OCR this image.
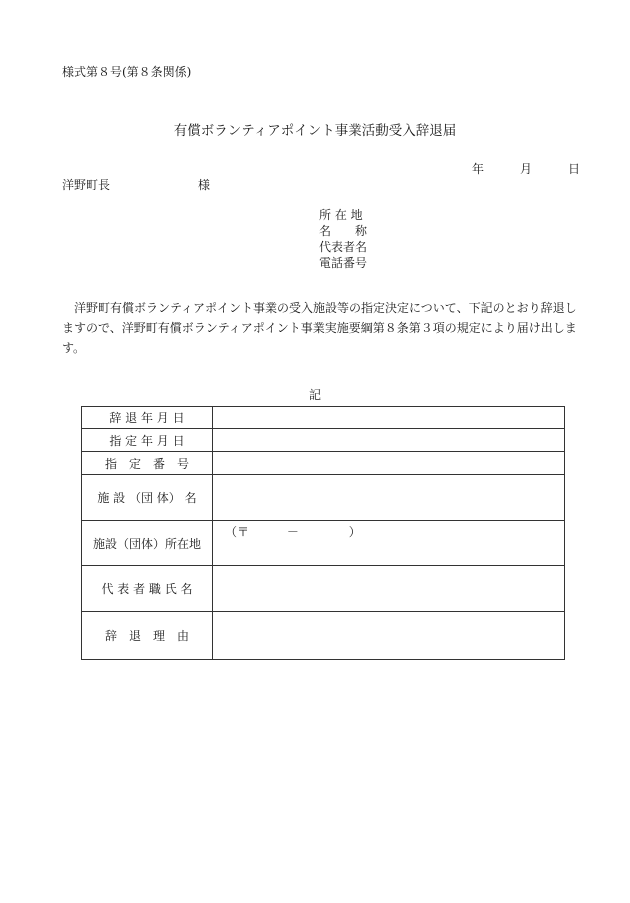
様式第８号(第８条関係)
有償ボランティアポイント事業活動受入辞退届
年	月	日
洋野町長	様
所 在 地
名　　称
代表者名
電話番号
洋野町有償ボランティアポイント事業の受入施設等の指定決定について、下記のとおり辞退しますので、洋野町有償ボランティアポイント事業実施要綱第８条第３項の規定により届け出します。
記
辞 退 年 月 日	
指 定 年 月 日	
指　定　番　号	
施 設 （団 体） 名	
施設（団体）所在地	（〒 － ）

代 表 者 職 氏 名	
辞　退　理　由	
